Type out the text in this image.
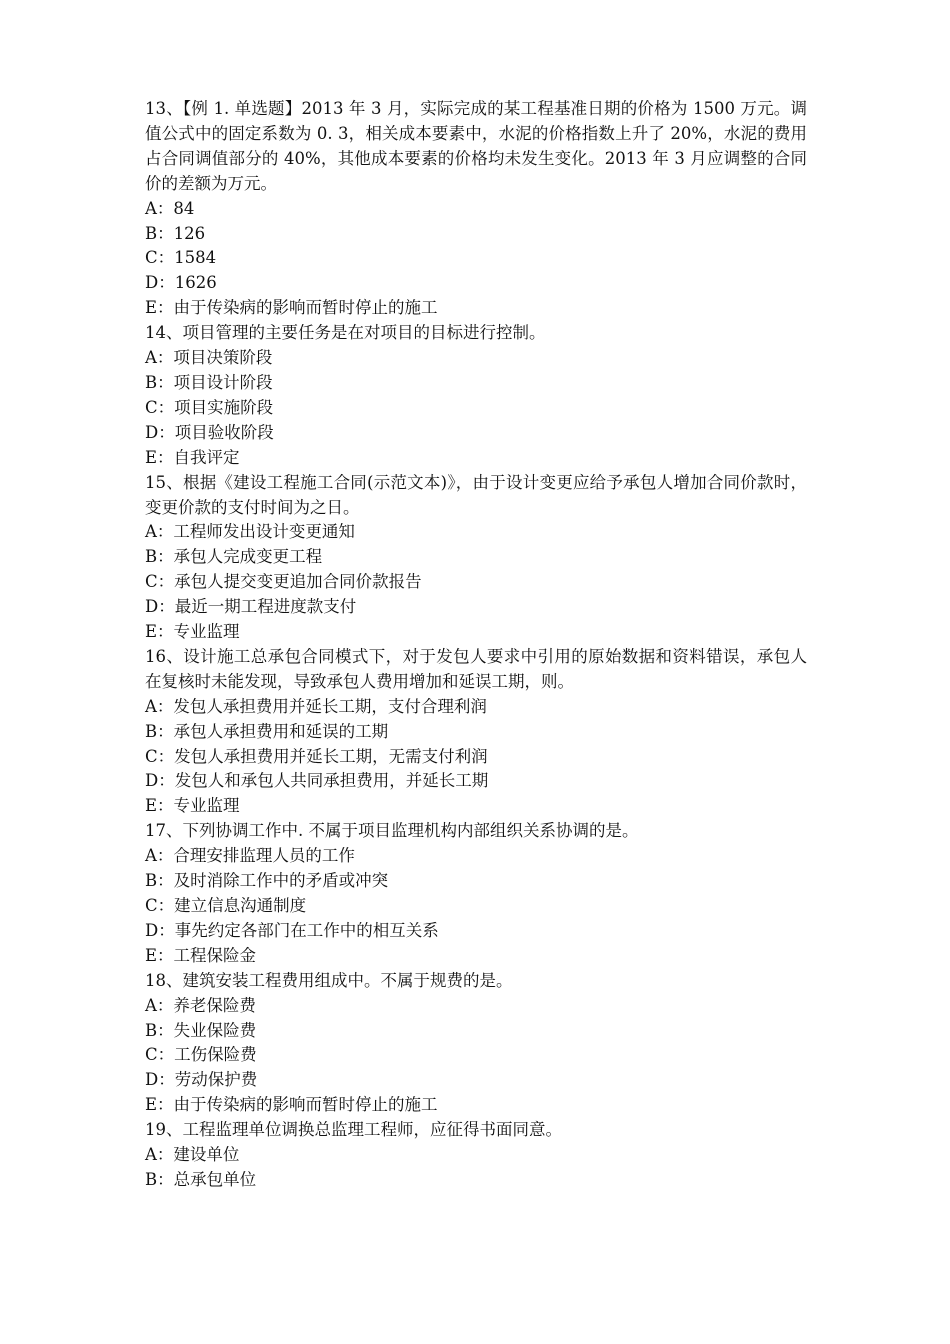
13、【例 1. 单选题】2013 年 3 月，实际完成的某工程基准日期的价格为 1500 万元。调值公式中的固定系数为 0. 3，相关成本要素中，水泥的价格指数上升了 20%，水泥的费用占合同调值部分的 40%，其他成本要素的价格均未发生变化。2013 年 3 月应调整的合同价的差额为万元。

A：84

B：126

C：1584

D：1626

E：由于传染病的影响而暂时停止的施工

14、项目管理的主要任务是在对项目的目标进行控制。

A：项目决策阶段

B：项目设计阶段

C：项目实施阶段

D：项目验收阶段

E：自我评定

15、根据《建设工程施工合同(示范文本)》，由于设计变更应给予承包人增加合同价款时，变更价款的支付时间为之日。

A：工程师发出设计变更通知

B：承包人完成变更工程

C：承包人提交变更追加合同价款报告

D：最近一期工程进度款支付

E：专业监理

16、设计施工总承包合同模式下，对于发包人要求中引用的原始数据和资料错误，承包人在复核时未能发现，导致承包人费用增加和延误工期，则。

A：发包人承担费用并延长工期，支付合理利润

B：承包人承担费用和延误的工期

C：发包人承担费用并延长工期，无需支付利润

D：发包人和承包人共同承担费用，并延长工期

E：专业监理

17、下列协调工作中. 不属于项目监理机构内部组织关系协调的是。

A：合理安排监理人员的工作

B：及时消除工作中的矛盾或冲突

C：建立信息沟通制度

D：事先约定各部门在工作中的相互关系

E：工程保险金

18、建筑安装工程费用组成中。不属于规费的是。

A：养老保险费

B：失业保险费

C：工伤保险费

D：劳动保护费

E：由于传染病的影响而暂时停止的施工

19、工程监理单位调换总监理工程师，应征得书面同意。

A：建设单位

B：总承包单位
